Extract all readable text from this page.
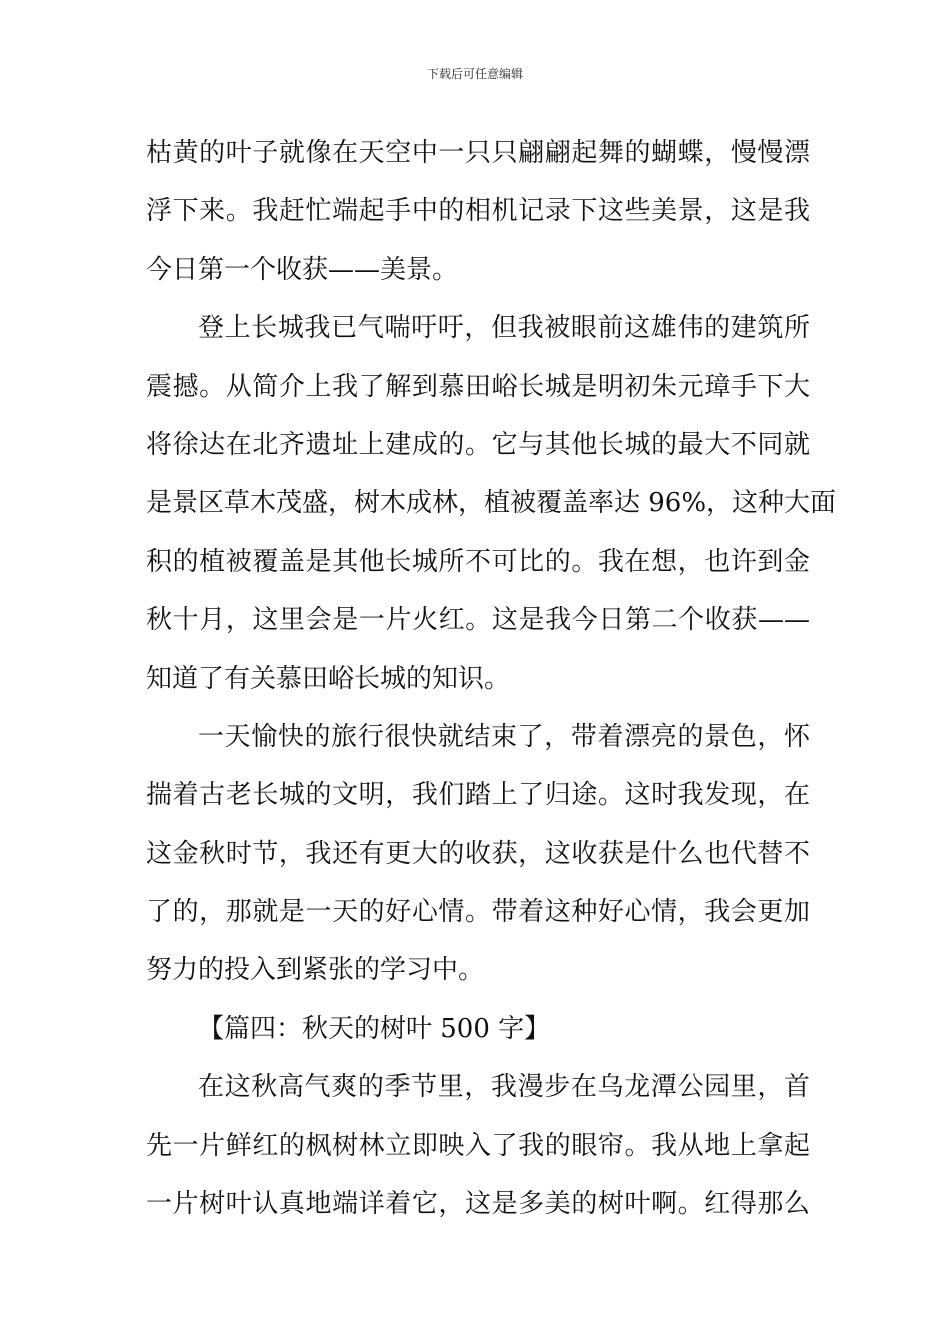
下载后可任意编辑
枯黄的叶子就像在天空中一只只翩翩起舞的蝴蝶，慢慢漂
浮下来。我赶忙端起手中的相机记录下这些美景，这是我
今日第一个收获——美景。
登上长城我已气喘吁吁，但我被眼前这雄伟的建筑所
震撼。从简介上我了解到慕田峪长城是明初朱元璋手下大
将徐达在北齐遗址上建成的。它与其他长城的最大不同就
是景区草木茂盛，树木成林，植被覆盖率达 96%，这种大面
积的植被覆盖是其他长城所不可比的。我在想，也许到金
秋十月，这里会是一片火红。这是我今日第二个收获——
知道了有关慕田峪长城的知识。
一天愉快的旅行很快就结束了，带着漂亮的景色，怀
揣着古老长城的文明，我们踏上了归途。这时我发现，在
这金秋时节，我还有更大的收获，这收获是什么也代替不
了的，那就是一天的好心情。带着这种好心情，我会更加
努力的投入到紧张的学习中。
【篇四：秋天的树叶 500 字】
在这秋高气爽的季节里，我漫步在乌龙潭公园里，首
先一片鲜红的枫树林立即映入了我的眼帘。我从地上拿起
一片树叶认真地端详着它，这是多美的树叶啊。红得那么
